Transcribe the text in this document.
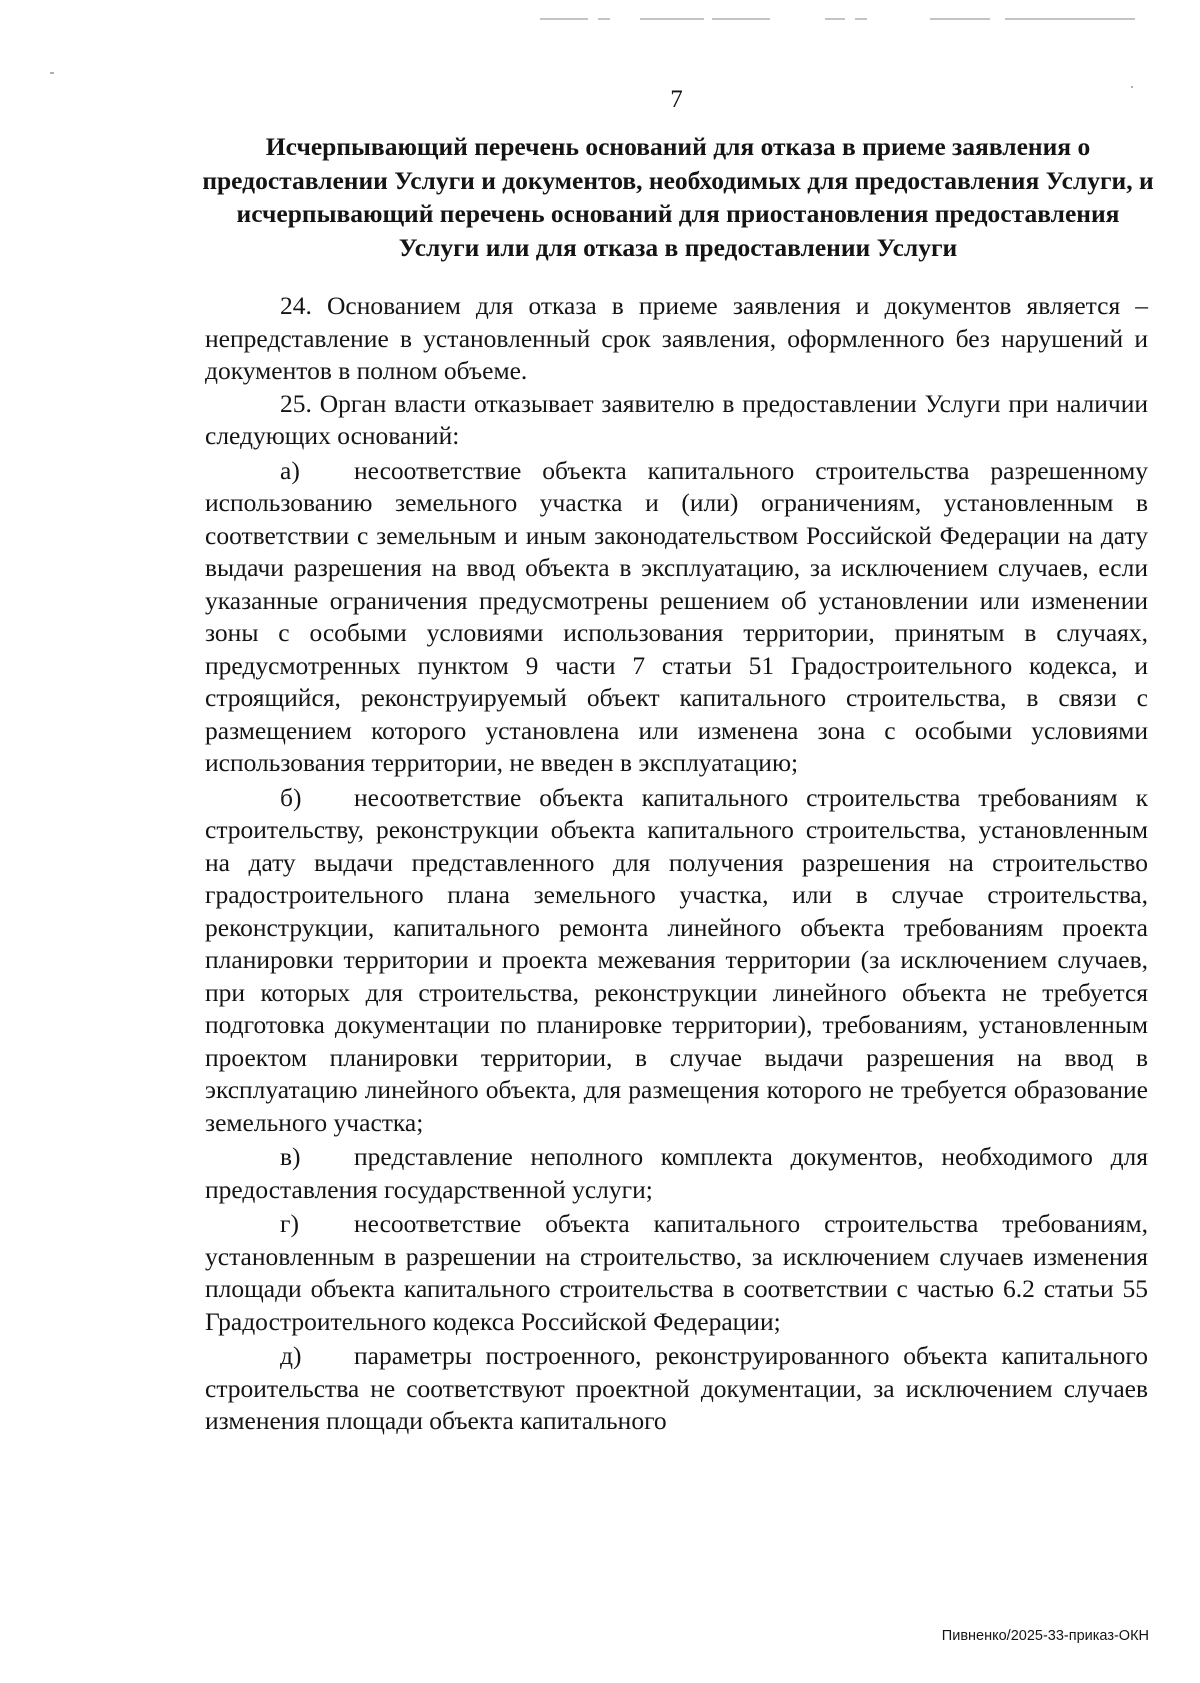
7
Исчерпывающий перечень оснований для отказа в приеме заявления о предоставлении Услуги и документов, необходимых для предоставления Услуги, и исчерпывающий перечень оснований для приостановления предоставления Услуги или для отказа в предоставлении Услуги

24. Основанием для отказа в приеме заявления и документов является – непредставление в установленный срок заявления, оформленного без нарушений и документов в полном объеме.

25. Орган власти отказывает заявителю в предоставлении Услуги при наличии следующих оснований:

а) несоответствие объекта капитального строительства разрешенному использованию земельного участка и (или) ограничениям, установленным в соответствии с земельным и иным законодательством Российской Федерации на дату выдачи разрешения на ввод объекта в эксплуатацию, за исключением случаев, если указанные ограничения предусмотрены решением об установлении или изменении зоны с особыми условиями использования территории, принятым в случаях, предусмотренных пунктом 9 части 7 статьи 51 Градостроительного кодекса, и строящийся, реконструируемый объект капитального строительства, в связи с размещением которого установлена или изменена зона с особыми условиями использования территории, не введен в эксплуатацию;

б) несоответствие объекта капитального строительства требованиям к строительству, реконструкции объекта капитального строительства, установленным на дату выдачи представленного для получения разрешения на строительство градостроительного плана земельного участка, или в случае строительства, реконструкции, капитального ремонта линейного объекта требованиям проекта планировки территории и проекта межевания территории (за исключением случаев, при которых для строительства, реконструкции линейного объекта не требуется подготовка документации по планировке территории), требованиям, установленным проектом планировки территории, в случае выдачи разрешения на ввод в эксплуатацию линейного объекта, для размещения которого не требуется образование земельного участка;

в) представление неполного комплекта документов, необходимого для предоставления государственной услуги;

г) несоответствие объекта капитального строительства требованиям, установленным в разрешении на строительство, за исключением случаев изменения площади объекта капитального строительства в соответствии с частью 6.2 статьи 55 Градостроительного кодекса Российской Федерации;

д) параметры построенного, реконструированного объекта капитального строительства не соответствуют проектной документации, за исключением случаев изменения площади объекта капитального

Пивненко/2025-33-приказ-ОКН
